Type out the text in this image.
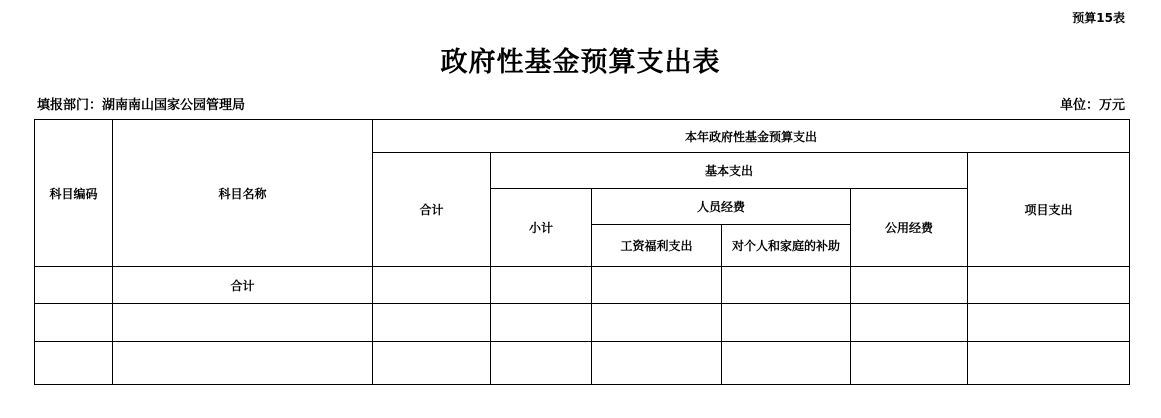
预算15表
政府性基金预算支出表
填报部门：湖南南山国家公园管理局	单位：万元
科目编码	科目名称	本年政府性基金预算支出					
		合计	基本支出				项目支出
			小计	人员经费		公用经费	
				工资福利支出	对个人和家庭的补助		
	合计						
